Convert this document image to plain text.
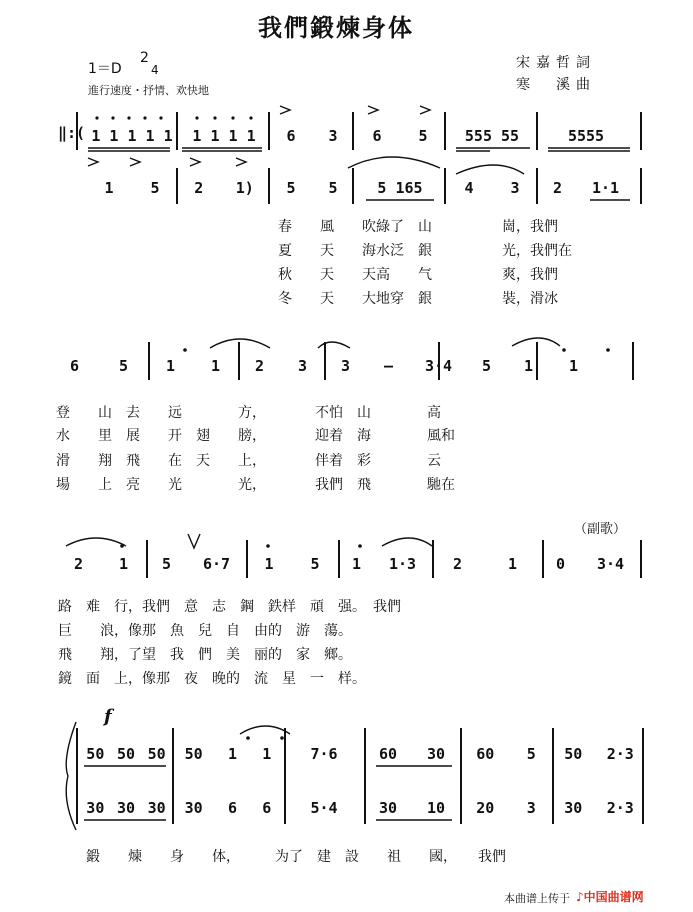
我們鍛煉身体
1＝D
2
4
進行速度・抒情、欢快地
宋嘉哲詞
寒　溪曲
‖:( 1 1 1 1 1 1 1 1 1 6 3 6 5 555 55	5555
1 5 2 1) 5 5	5 165	4 3 2 1·1
春　　風　　吹綠了　山　　　　　崗，我們
夏　　天　　海水泛　銀　　　　　光，我們在
秋　　天　　天高　　气　　　　　爽，我們
冬　　天　　大地穿　銀　　　　　裝，滑冰
6	5	1 1 2 3 3 — 3·4 5 1 1
登　　山　去　　远　　　　方，　　　　不怕　山　　　　高
水　　里　展　　开　翅　　膀，　　　　迎着　海　　　　風和
滑　　翔　飛　　在　天　　上，　　　　伴着　彩　　　　云
場　　上　亮　　光　　　　光，　　　　我們　飛　　　　馳在
（副歌）
2 1 5 6·7 1 5 1 1·3 2	1	0 3·4
路　难　行，我們　意　志　鋼　鉄样　頑　强。　我們
巨　　浪，像那　魚　兒　自　由的　游　蕩。
飛　　翔，了望　我　們　美　丽的　家　鄉。
鏡　面　上，像那　夜　晚的　流　星　一　样。
f
50 50 50 50 1 1	7·6	60 30 60 5 50 2·3
30 30 30 30 6 6	5·4	30 10 20 3 30 2·3
鍛　　煉　　身　　体，　　　为了　建　設　　祖　　國，　　我們
本曲谱上传于 ♪中国曲谱网
